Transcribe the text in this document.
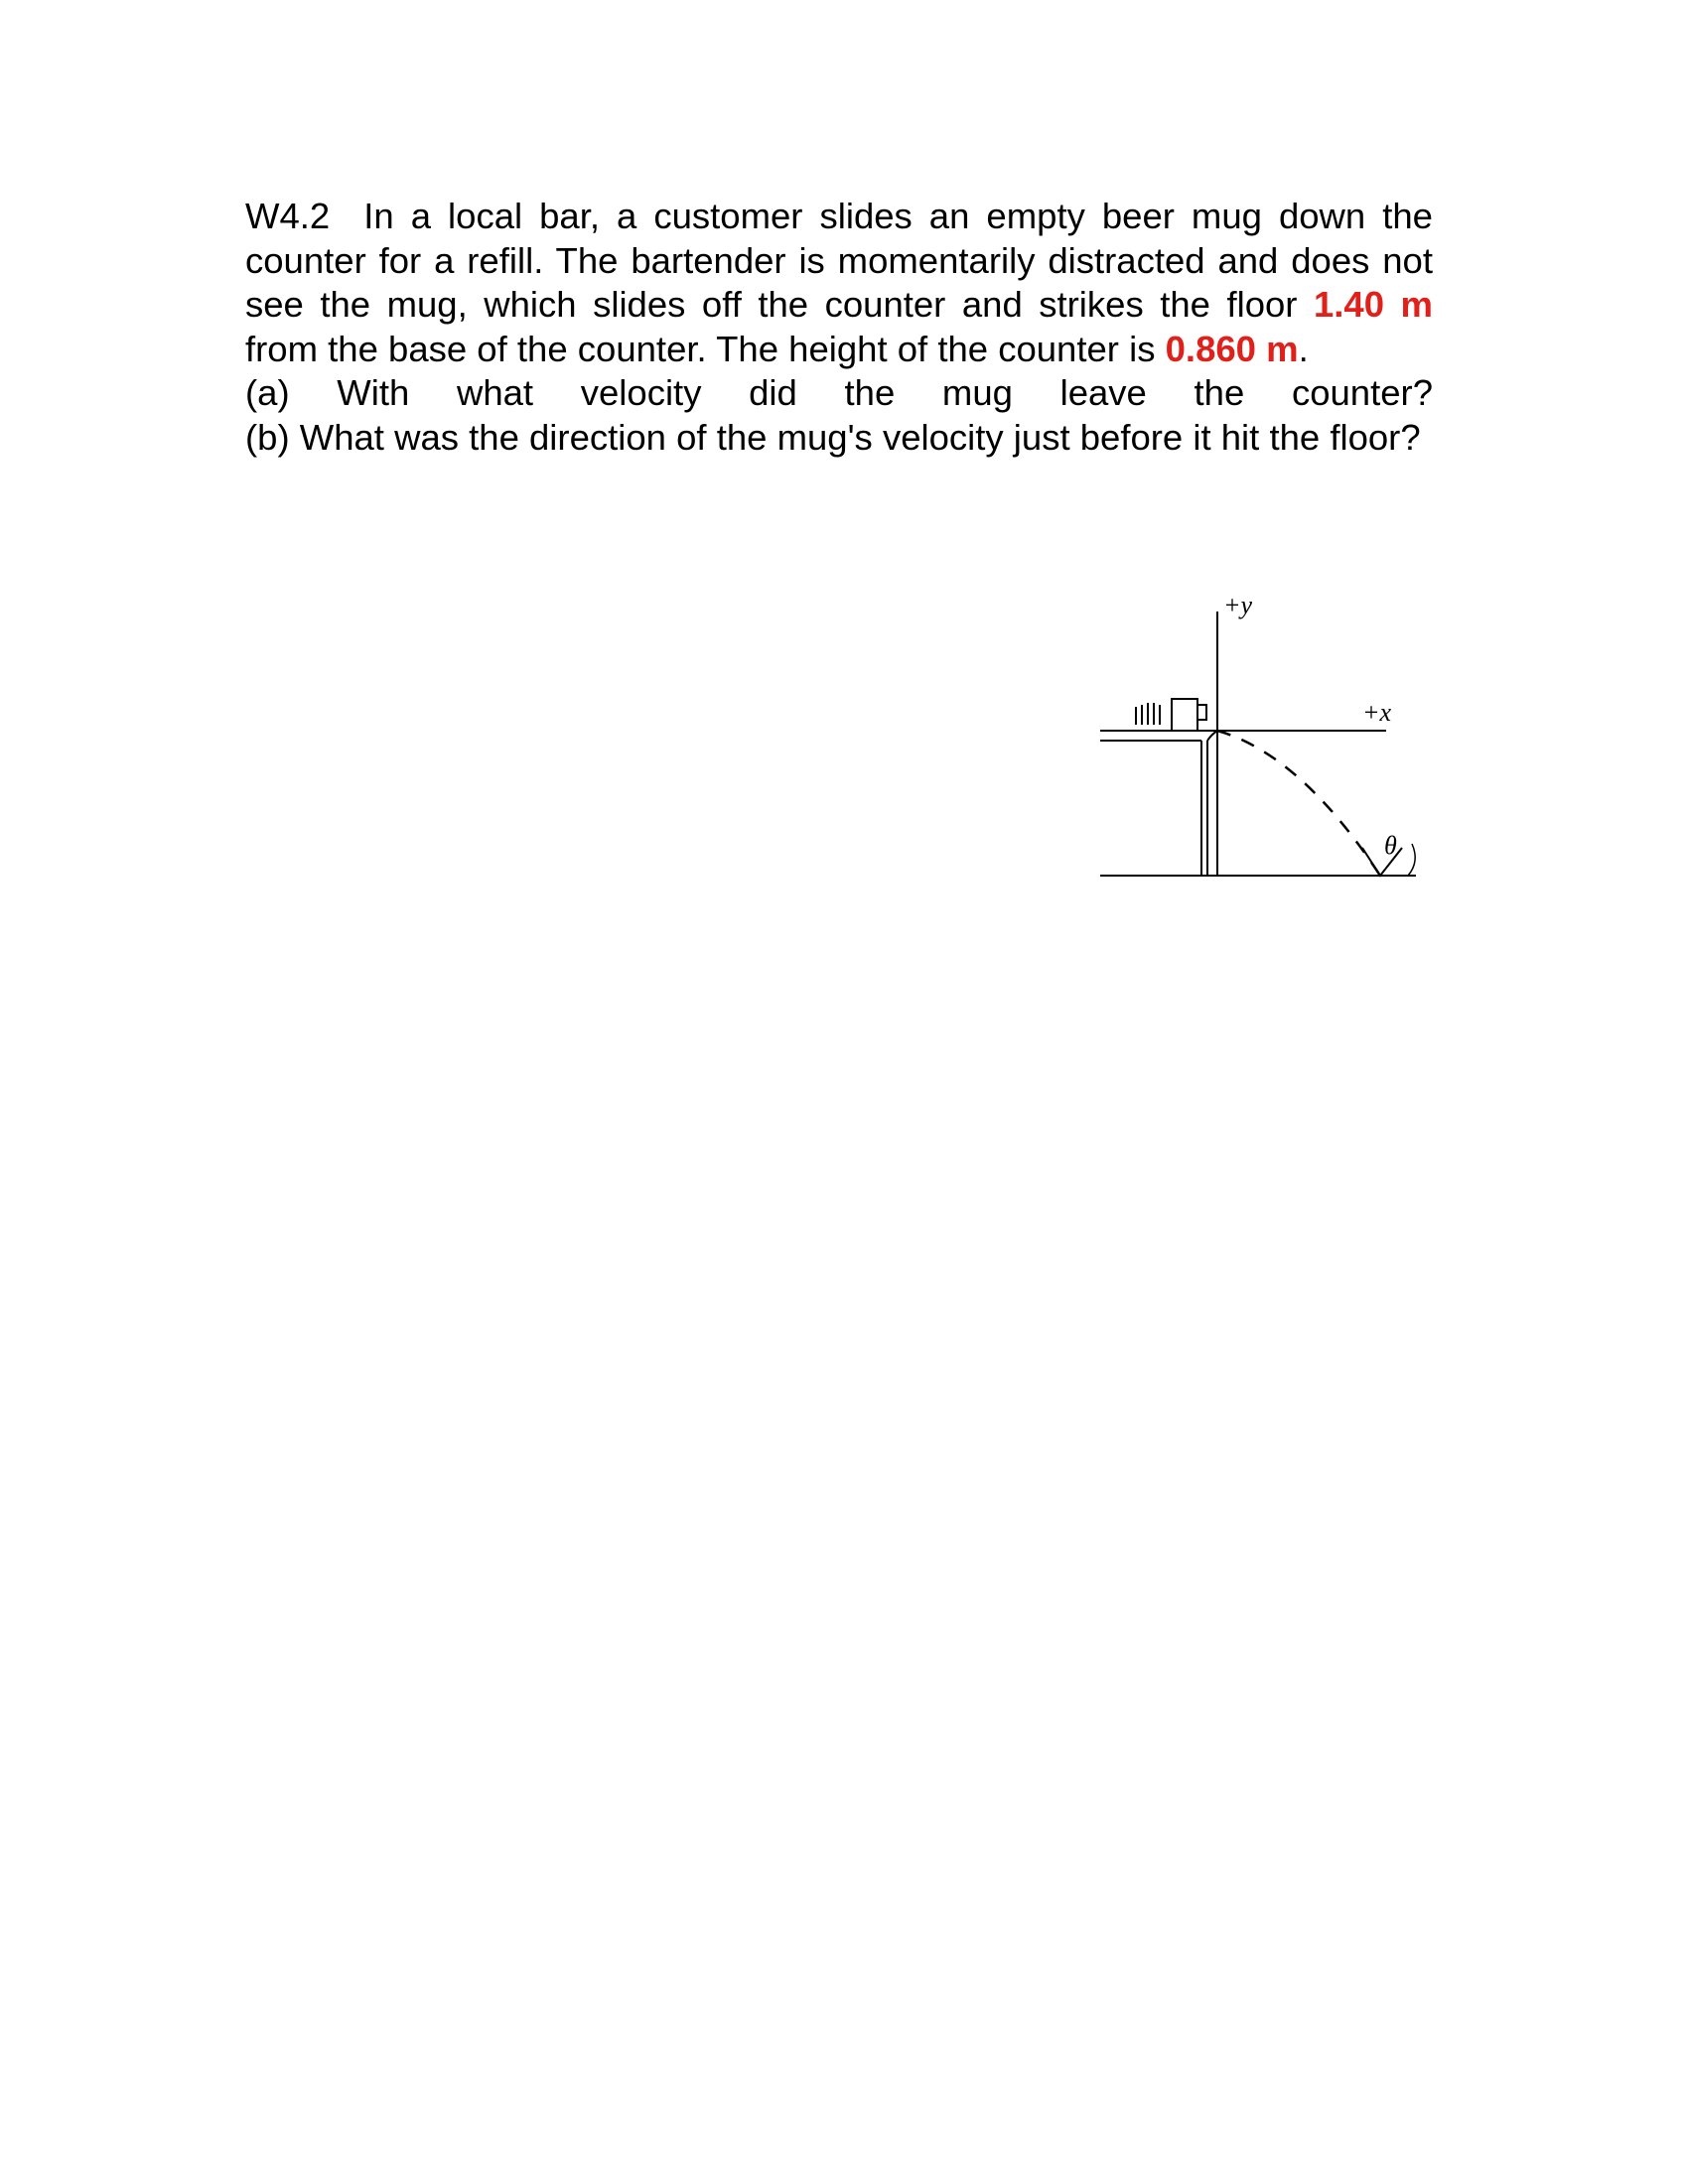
W4.2 In a local bar, a customer slides an empty beer mug down the counter for a refill. The bartender is momentarily distracted and does not see the mug, which slides off the counter and strikes the floor 1.40 m from the base of the counter. The height of the counter is 0.860 m.

(a) With what velocity did the mug leave the counter?

(b) What was the direction of the mug's velocity just before it hit the floor?

+y
+x
θ
